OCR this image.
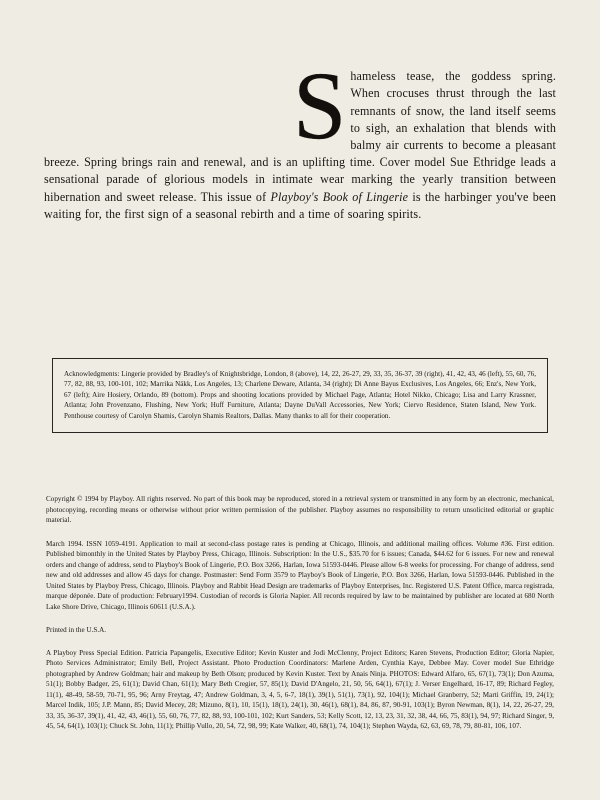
S hameless tease, the goddess spring. When crocuses thrust through the last remnants of snow, the land itself seems to sigh, an exhalation that blends with balmy air currents to become a pleasant breeze. Spring brings rain and renewal, and is an uplifting time. Cover model Sue Ethridge leads a sensational parade of glorious models in intimate wear marking the yearly transition between hibernation and sweet release. This issue of Playboy's Book of Lingerie is the harbinger you've been waiting for, the first sign of a seasonal rebirth and a time of soaring spirits.

Acknowledgments: Lingerie provided by Bradley's of Knightsbridge, London, 8 (above), 14, 22, 26-27, 29, 33, 35, 36-37, 39 (right), 41, 42, 43, 46 (left), 55, 60, 76, 77, 82, 88, 93, 100-101, 102; Marrika Näkk, Los Angeles, 13; Charlene Deware, Atlanta, 34 (right); Di Anne Bayus Exclusives, Los Angeles, 66; Enz's, New York, 67 (left); Aire Hosiery, Orlando, 89 (bottom). Props and shooting locations provided by Michael Page, Atlanta; Hotel Nikko, Chicago; Lisa and Larry Krassner, Atlanta; John Provenzano, Flushing, New York; Huff Furniture, Atlanta; Dayne DuVall Accessories, New York; Ciervo Residence, Staten Island, New York. Penthouse courtesy of Carolyn Shamis, Carolyn Shamis Realtors, Dallas. Many thanks to all for their cooperation.

Copyright © 1994 by Playboy. All rights reserved. No part of this book may be reproduced, stored in a retrieval system or transmitted in any form by an electronic, mechanical, photocopying, recording means or otherwise without prior written permission of the publisher. Playboy assumes no responsibility to return unsolicited editorial or graphic material.

March 1994. ISSN 1059-4191. Application to mail at second-class postage rates is pending at Chicago, Illinois, and additional mailing offices. Volume #36. First edition. Published bimonthly in the United States by Playboy Press, Chicago, Illinois. Subscription: In the U.S., $35.70 for 6 issues; Canada, $44.62 for 6 issues. For new and renewal orders and change of address, send to Playboy's Book of Lingerie, P.O. Box 3266, Harlan, Iowa 51593-0446. Please allow 6-8 weeks for processing. For change of address, send new and old addresses and allow 45 days for change. Postmaster: Send Form 3579 to Playboy's Book of Lingerie, P.O. Box 3266, Harlan, Iowa 51593-0446. Published in the United States by Playboy Press, Chicago, Illinois. Playboy and Rabbit Head Design are trademarks of Playboy Enterprises, Inc. Registered U.S. Patent Office, marca registrada, marque déponée. Date of production: February1994. Custodian of records is Gloria Napier. All records required by law to be maintained by publisher are located at 680 North Lake Shore Drive, Chicago, Illinois 60611 (U.S.A.).

Printed in the U.S.A.

A Playboy Press Special Edition. Patricia Papangelis, Executive Editor; Kevin Kuster and Jodi McClenny, Project Editors; Karen Stevens, Production Editor; Gloria Napier, Photo Services Administrator; Emily Bell, Project Assistant. Photo Production Coordinators: Marlene Arden, Cynthia Kaye, Debbee May. Cover model Sue Ethridge photographed by Andrew Goldman; hair and makeup by Beth Olson; produced by Kevin Kuster. Text by Anais Ninja. PHOTOS: Edward Alfaro, 65, 67(1), 73(1); Don Azuma, 51(1); Bobby Badger, 25, 61(1); David Chan, 61(1); Mary Beth Cregier, 57, 85(1); David D'Angelo, 21, 50, 56, 64(1), 67(1); J. Verser Engelhard, 16-17, 89; Richard Fegley, 11(1), 48-49, 58-59, 70-71, 95, 96; Arny Freytag, 47; Andrew Goldman, 3, 4, 5, 6-7, 18(1), 39(1), 51(1), 73(1), 92, 104(1); Michael Granberry, 52; Marti Griffin, 19, 24(1); Marcel Indik, 105; J.P. Mann, 85; David Mecey, 28; Mizuno, 8(1), 10, 15(1), 18(1), 24(1), 30, 46(1), 68(1), 84, 86, 87, 90-91, 103(1); Byron Newman, 8(1), 14, 22, 26-27, 29, 33, 35, 36-37, 39(1), 41, 42, 43, 46(1), 55, 60, 76, 77, 82, 88, 93, 100-101, 102; Kurt Sanders, 53; Kelly Scott, 12, 13, 23, 31, 32, 38, 44, 66, 75, 83(1), 94, 97; Richard Singer, 9, 45, 54, 64(1), 103(1); Chuck St. John, 11(1); Phillip Vullo, 20, 54, 72, 98, 99; Kate Walker, 40, 68(1), 74, 104(1); Stephen Wayda, 62, 63, 69, 78, 79, 80-81, 106, 107.
